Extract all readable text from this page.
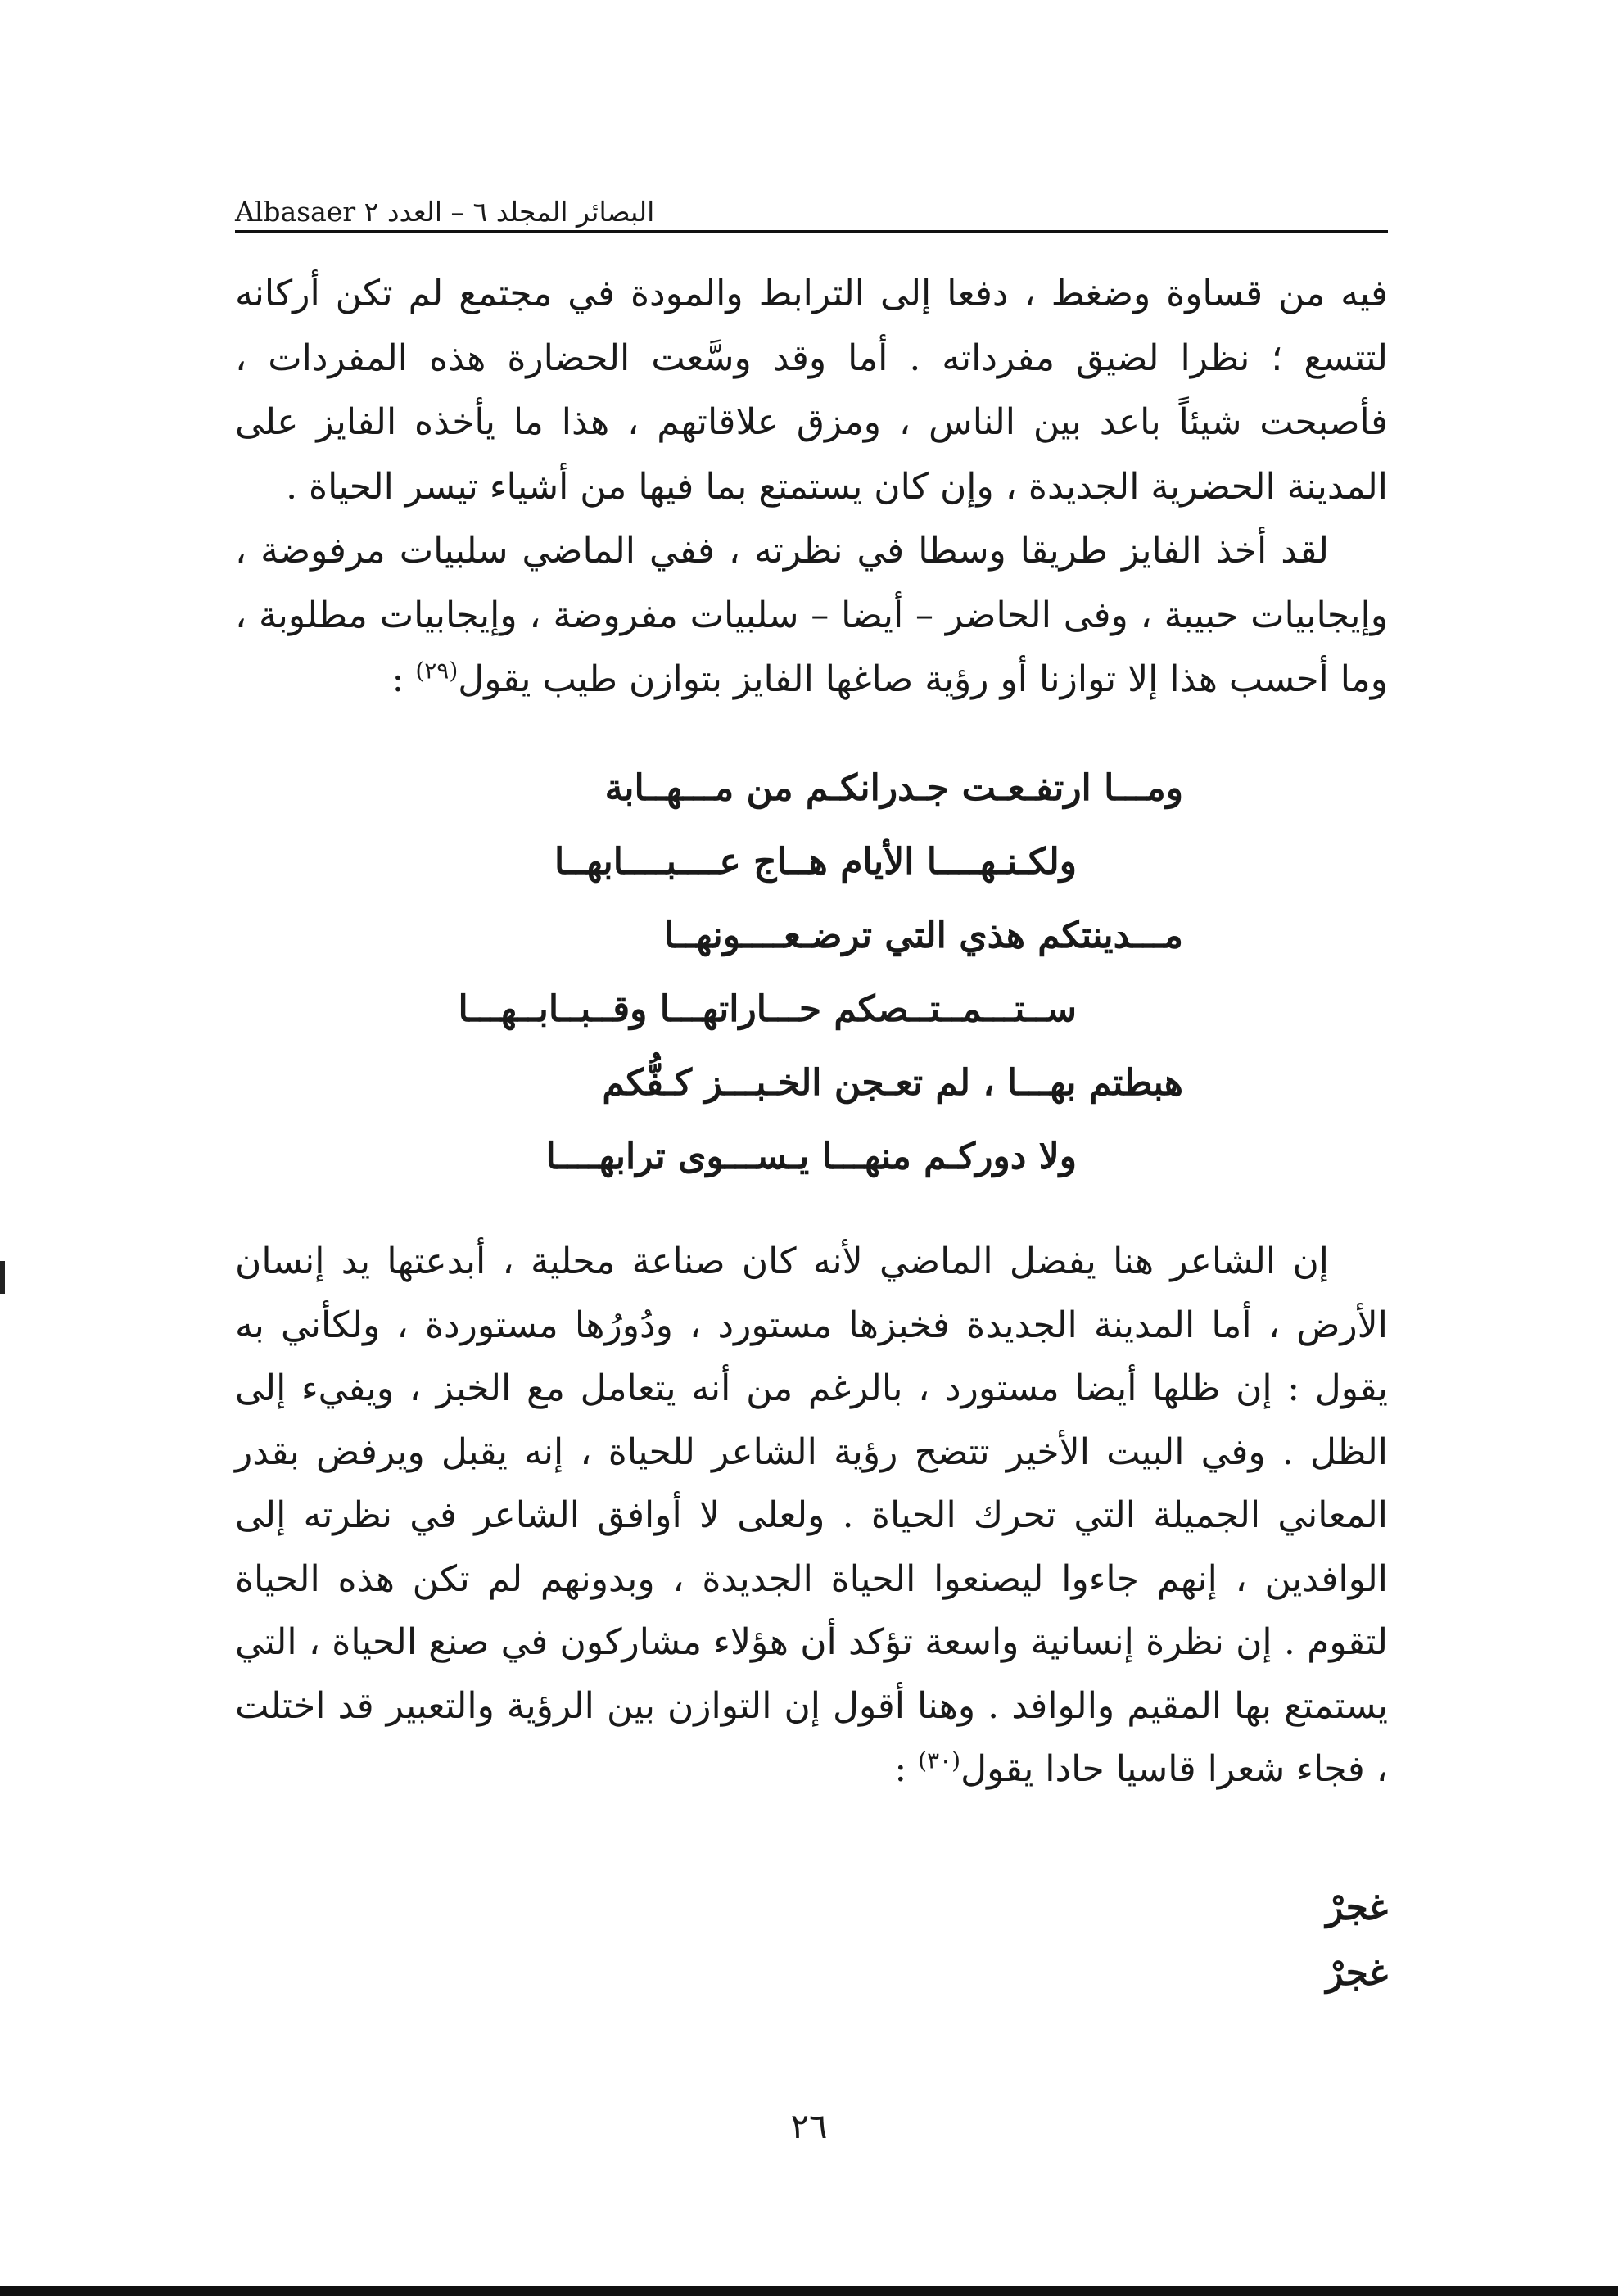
البصائر المجلد ٦ – العدد ٢ Albasaer

فيه من قساوة وضغط ، دفعا إلى الترابط والمودة في مجتمع لم تكن أركانه لتتسع ؛ نظرا لضيق مفرداته . أما وقد وسَّعت الحضارة هذه المفردات ، فأصبحت شيئاً باعد بين الناس ، ومزق علاقاتهم ، هذا ما يأخذه الفايز على المدينة الحضرية الجديدة ، وإن كان يستمتع بما فيها من أشياء تيسر الحياة .

لقد أخذ الفايز طريقا وسطا في نظرته ، ففي الماضي سلبيات مرفوضة ، وإيجابيات حبيبة ، وفى الحاضر – أيضا – سلبيات مفروضة ، وإيجابيات مطلوبة ، وما أحسب هذا إلا توازنا أو رؤية صاغها الفايز بتوازن طيب يقول$^{(٢٩)}$ :

ومـــا ارتفـعـت جـدرانكـم من مـــهــابة
ولكـنـهــــا الأيام هــاج عــــبــــابهــا
مـــدينتكم هذي التي ترضـعــــونهــا
ســتـــمــتــصكم حـــاراتهـــا وقــبــابــهـــا
هبطتم بهـــا ، لم تعـجن الخـبـــز كـفُّكم
ولا دوركـم منهـــا يـســـوى ترابهــــا

إن الشاعر هنا يفضل الماضي لأنه كان صناعة محلية ، أبدعتها يد إنسان الأرض ، أما المدينة الجديدة فخبزها مستورد ، ودُورُها مستوردة ، ولكأني به يقول : إن ظلها أيضا مستورد ، بالرغم من أنه يتعامل مع الخبز ، ويفيء إلى الظل . وفي البيت الأخير تتضح رؤية الشاعر للحياة ، إنه يقبل ويرفض بقدر المعاني الجميلة التي تحرك الحياة . ولعلى لا أوافق الشاعر في نظرته إلى الوافدين ، إنهم جاءوا ليصنعوا الحياة الجديدة ، وبدونهم لم تكن هذه الحياة لتقوم . إن نظرة إنسانية واسعة تؤكد أن هؤلاء مشاركون في صنع الحياة ، التي يستمتع بها المقيم والوافد . وهنا أقول إن التوازن بين الرؤية والتعبير قد اختلت ، فجاء شعرا قاسيا حادا يقول$^{(٣٠)}$ :

غجرْ
غجرْ
٢٦
